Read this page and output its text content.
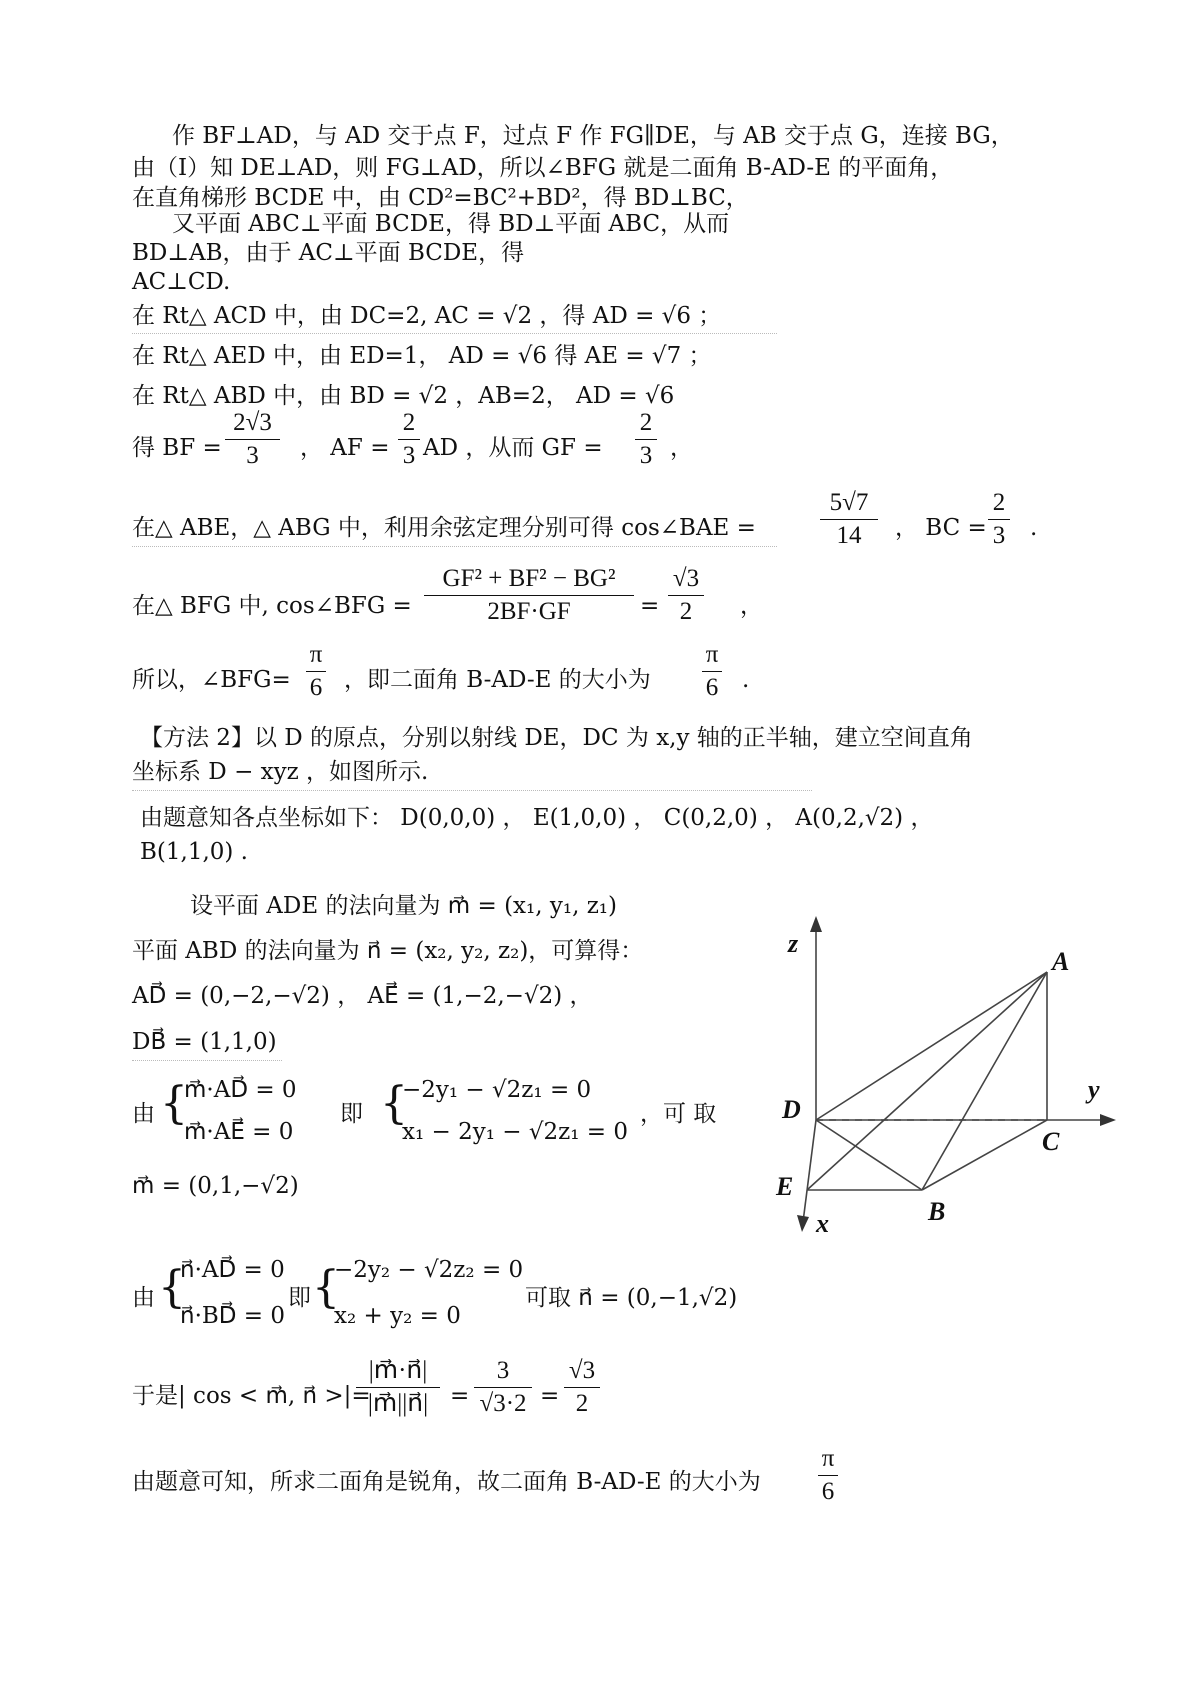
作 BF⊥AD，与 AD 交于点 F，过点 F 作 FG∥DE，与 AB 交于点 G，连接 BG，
由（Ⅰ）知 DE⊥AD，则 FG⊥AD，所以∠BFG 就是二面角 B-AD-E 的平面角，
在直角梯形 BCDE 中，由 CD²=BC²+BD²，得 BD⊥BC，
又平面 ABC⊥平面 BCDE，得 BD⊥平面 ABC，从而
BD⊥AB，由于 AC⊥平面 BCDE，得
AC⊥CD.
在 Rt△ ACD 中，由 DC=2, AC = √2 ，得 AD = √6 ；
在 Rt△ AED 中，由 ED=1， AD = √6 得 AE = √7 ；
在 Rt△ ABD 中，由 BD = √2 ，AB=2， AD = √6
得 BF =
2√3
3	， AF =
2
3 AD ，从而 GF =
2
3 ，
在△ ABE，△ ABG 中，利用余弦定理分别可得 cos∠BAE =
5√7
14	， BC =
2
3 .
在△ BFG 中, cos∠BFG =
GF² + BF² − BG²
2BF·GF	=
√3
2	，
所以，∠BFG=
π
6 ，即二面角 B-AD-E 的大小为
π
6 .
【方法 2】以 D 的原点，分别以射线 DE，DC 为 x,y 轴的正半轴，建立空间直角
坐标系 D − xyz ，如图所示.
由题意知各点坐标如下： D(0,0,0) ， E(1,0,0) ， C(0,2,0) ， A(0,2,√2) ，
B(1,1,0) .
设平面 ADE 的法向量为 m⃗ = (x₁, y₁, z₁)
平面 ABD 的法向量为 n⃗ = (x₂, y₂, z₂)，可算得：
AD⃗ = (0,−2,−√2) ， AE⃗ = (1,−2,−√2) ，
DB⃗ = (1,1,0)
由 {
m⃗·AD⃗ = 0
m⃗·AE⃗ = 0
即 {
−2y₁ − √2z₁ = 0
x₁ − 2y₁ − √2z₁ = 0
，可 取
m⃗ = (0,1,−√2)
由 {
n⃗·AD⃗ = 0
n⃗·BD⃗ = 0
即 {
−2y₂ − √2z₂ = 0
x₂ + y₂ = 0
可取 n⃗ = (0,−1,√2)
于是| cos < m⃗, n⃗ >|=
|m⃗·n⃗|
|m⃗||n⃗| =
3
√3·2 =
√3
2
由题意可知，所求二面角是锐角，故二面角 B-AD-E 的大小为
π
6
z
y
x
A
B
C
D
E
